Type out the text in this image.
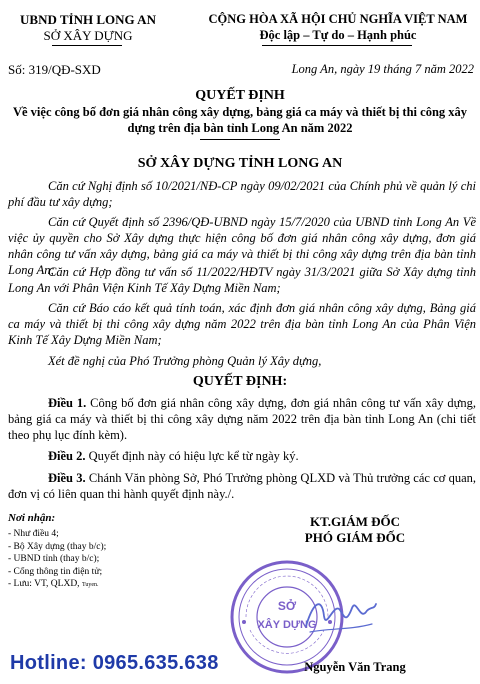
UBND TỈNH LONG AN
SỞ XÂY DỰNG
CỘNG HÒA XÃ HỘI CHỦ NGHĨA VIỆT NAM
Độc lập – Tự do – Hạnh phúc
Số: 319/QĐ-SXD	Long An, ngày 19 tháng 7 năm 2022
QUYẾT ĐỊNH
Về việc công bố đơn giá nhân công xây dựng, bảng giá ca máy và thiết bị thi công xây dựng trên địa bàn tỉnh Long An năm 2022
SỞ XÂY DỰNG TỈNH LONG AN

Căn cứ Nghị định số 10/2021/NĐ-CP ngày 09/02/2021 của Chính phủ về quản lý chi phí đầu tư xây dựng;

Căn cứ Quyết định số 2396/QĐ-UBND ngày 15/7/2020 của UBND tỉnh Long An Về việc ủy quyền cho Sở Xây dựng thực hiện công bố đơn giá nhân công xây dựng, đơn giá nhân công tư vấn xây dựng, bảng giá ca máy và thiết bị thi công xây dựng trên địa bàn tỉnh Long An;

Căn cứ Hợp đồng tư vấn số 11/2022/HĐTV ngày 31/3/2021 giữa Sở Xây dựng tỉnh Long An với Phân Viện Kinh Tế Xây Dựng Miền Nam;

Căn cứ Báo cáo kết quả tính toán, xác định đơn giá nhân công xây dựng, Bảng giá ca máy và thiết bị thi công xây dựng năm 2022 trên địa bàn tỉnh Long An của Phân Viện Kinh Tế Xây Dựng Miền Nam;

Xét đề nghị của Phó Trưởng phòng Quản lý Xây dựng,

QUYẾT ĐỊNH:

Điều 1. Công bố đơn giá nhân công xây dựng, đơn giá nhân công tư vấn xây dựng, bảng giá ca máy và thiết bị thi công xây dựng năm 2022 trên địa bàn tỉnh Long An (chi tiết theo phụ lục đính kèm).

Điều 2. Quyết định này có hiệu lực kể từ ngày ký.

Điều 3. Chánh Văn phòng Sở, Phó Trưởng phòng QLXD và Thủ trưởng các cơ quan, đơn vị có liên quan thi hành quyết định này./.

Nơi nhận:
- Như điều 4;
- Bộ Xây dựng (thay b/c);
- UBND tỉnh (thay b/c);
- Cổng thông tin điện tử;
- Lưu: VT, QLXD, Tuyen.
KT.GIÁM ĐỐC
PHÓ GIÁM ĐỐC
SỞ
XÂY DỰNG
Nguyễn Văn Trang
Hotline: 0965.635.638
